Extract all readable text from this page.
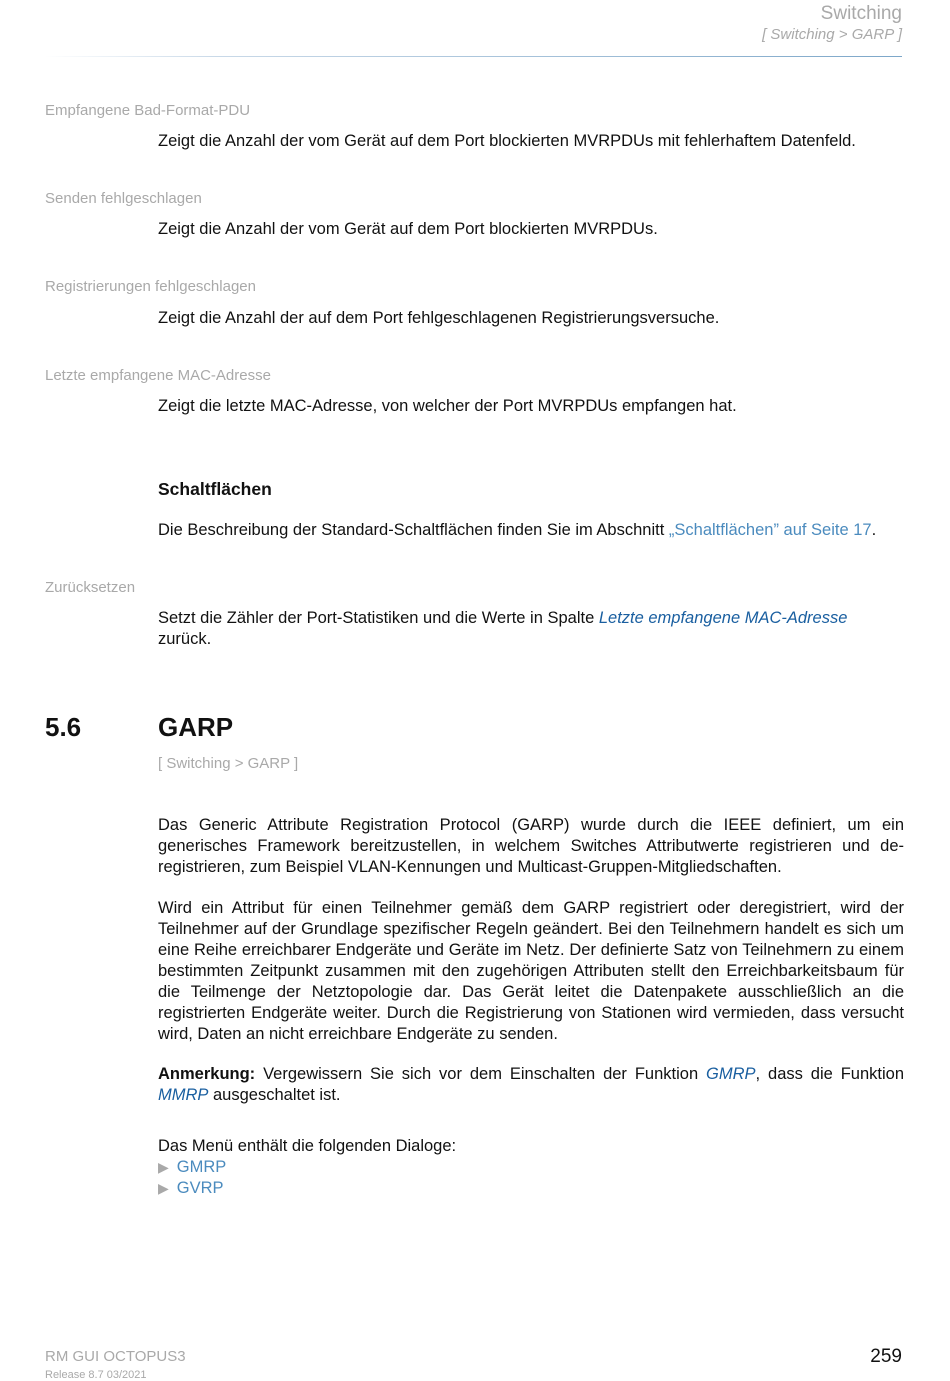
Switching
[ Switching > GARP ]
Empfangene Bad-Format-PDU
Zeigt die Anzahl der vom Gerät auf dem Port blockierten MVRPDUs mit fehlerhaftem Datenfeld.
Senden fehlgeschlagen
Zeigt die Anzahl der vom Gerät auf dem Port blockierten MVRPDUs.
Registrierungen fehlgeschlagen
Zeigt die Anzahl der auf dem Port fehlgeschlagenen Registrierungsversuche.
Letzte empfangene MAC-Adresse
Zeigt die letzte MAC-Adresse, von welcher der Port MVRPDUs empfangen hat.
Schaltflächen
Die Beschreibung der Standard-Schaltflächen finden Sie im Abschnitt „Schaltflächen” auf Seite 17.
Zurücksetzen
Setzt die Zähler der Port-Statistiken und die Werte in Spalte Letzte empfangene MAC-Adresse zurück.
5.6	GARP
[ Switching > GARP ]
Das Generic Attribute Registration Protocol (GARP) wurde durch die IEEE definiert, um ein generisches Framework bereitzustellen, in welchem Switches Attributwerte registrieren und de-registrieren, zum Beispiel VLAN-Kennungen und Multicast-Gruppen-Mitgliedschaften.
Wird ein Attribut für einen Teilnehmer gemäß dem GARP registriert oder deregistriert, wird der Teilnehmer auf der Grundlage spezifischer Regeln geändert. Bei den Teilnehmern handelt es sich um eine Reihe erreichbarer Endgeräte und Geräte im Netz. Der definierte Satz von Teilnehmern zu einem bestimmten Zeitpunkt zusammen mit den zugehörigen Attributen stellt den Erreichbarkeitsbaum für die Teilmenge der Netztopologie dar. Das Gerät leitet die Datenpakete ausschließlich an die registrierten Endgeräte weiter. Durch die Registrierung von Stationen wird vermieden, dass versucht wird, Daten an nicht erreichbare Endgeräte zu senden.
Anmerkung: Vergewissern Sie sich vor dem Einschalten der Funktion GMRP, dass die Funktion MMRP ausgeschaltet ist.
Das Menü enthält die folgenden Dialoge:
▶ GMRP
▶ GVRP
RM GUI OCTOPUS3
Release 8.7 03/2021
259
